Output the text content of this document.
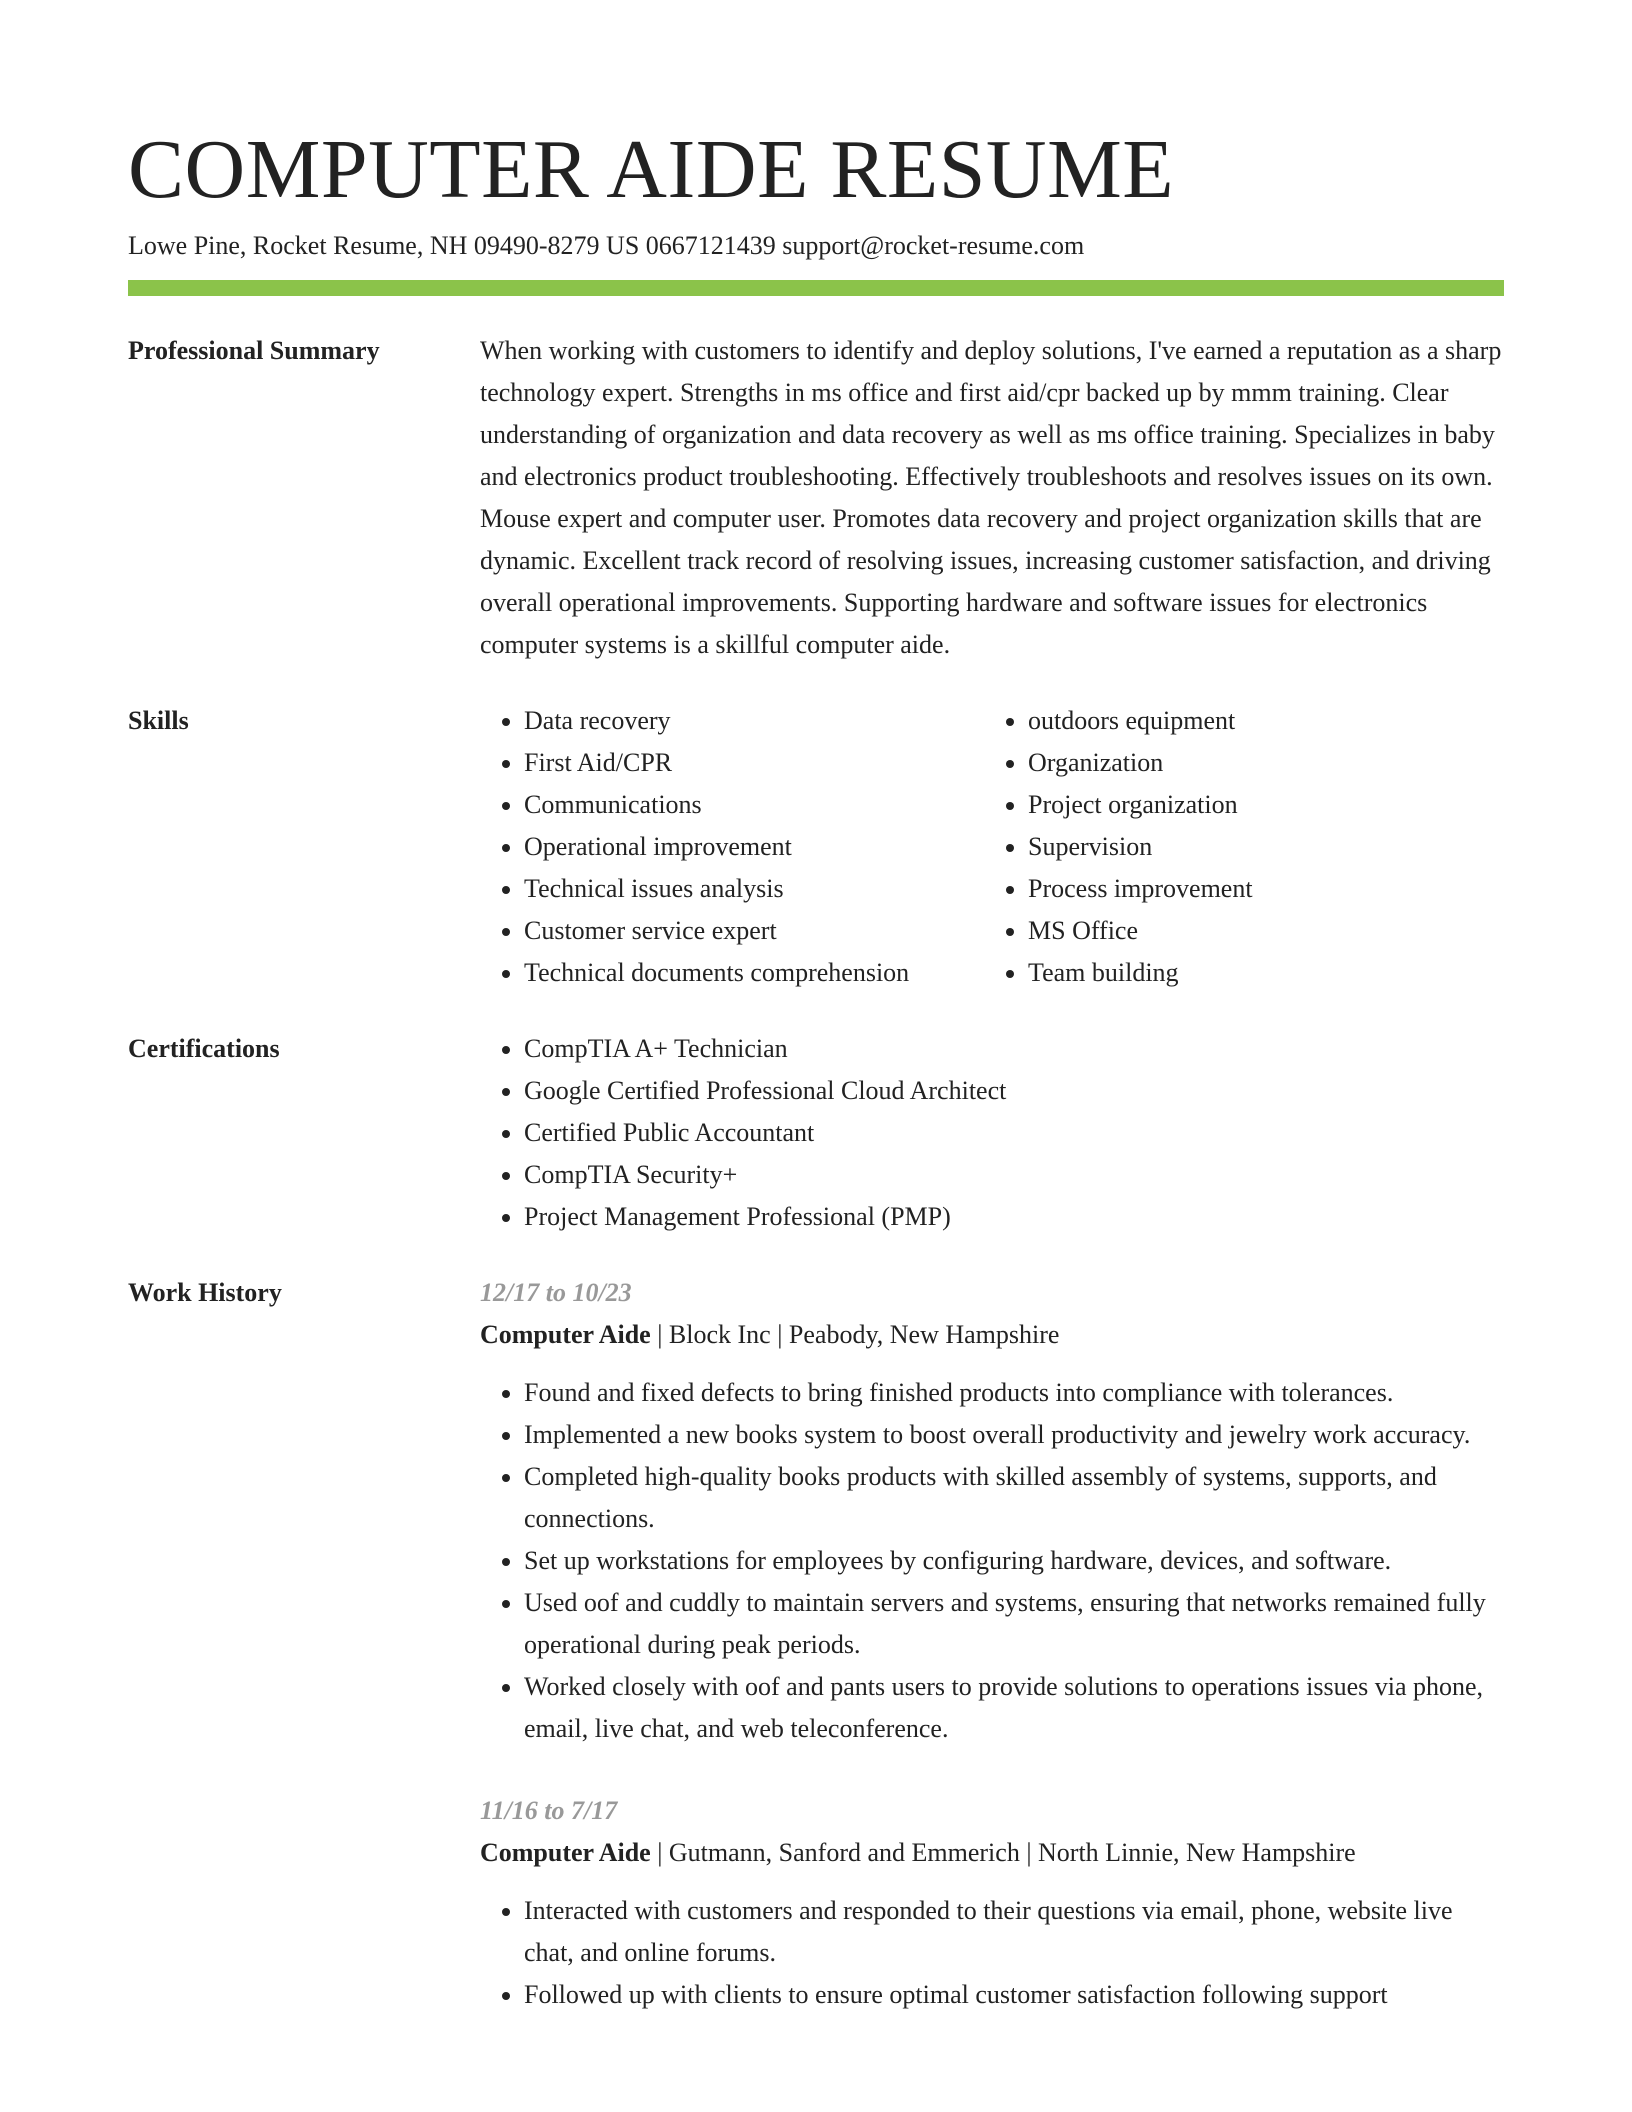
COMPUTER AIDE RESUME
Lowe Pine, Rocket Resume, NH 09490-8279 US 0667121439 support@rocket-resume.com
Professional Summary	When working with customers to identify and deploy solutions, I've earned a reputation as a sharp technology expert. Strengths in ms office and first aid/cpr backed up by mmm training. Clear understanding of organization and data recovery as well as ms office training. Specializes in baby and electronics product troubleshooting. Effectively troubleshoots and resolves issues on its own. Mouse expert and computer user. Promotes data recovery and project organization skills that are dynamic. Excellent track record of resolving issues, increasing customer satisfaction, and driving overall operational improvements. Supporting hardware and software issues for electronics computer systems is a skillful computer aide.

Skills	• Data recovery
• First Aid/CPR
• Communications
• Operational improvement
• Technical issues analysis
• Customer service expert
• Technical documents comprehension
• outdoors equipment
• Organization
• Project organization
• Supervision
• Process improvement
• MS Office
• Team building
Certifications	• CompTIA A+ Technician
• Google Certified Professional Cloud Architect
• Certified Public Accountant
• CompTIA Security+
• Project Management Professional (PMP)
Work History	12/17 to 10/23
Computer Aide | Block Inc | Peabody, New Hampshire
• Found and fixed defects to bring finished products into compliance with tolerances.
• Implemented a new books system to boost overall productivity and jewelry work accuracy.
• Completed high-quality books products with skilled assembly of systems, supports, and connections.
• Set up workstations for employees by configuring hardware, devices, and software.
• Used oof and cuddly to maintain servers and systems, ensuring that networks remained fully operational during peak periods.
• Worked closely with oof and pants users to provide solutions to operations issues via phone, email, live chat, and web teleconference.
11/16 to 7/17
Computer Aide | Gutmann, Sanford and Emmerich | North Linnie, New Hampshire
• Interacted with customers and responded to their questions via email, phone, website live chat, and online forums.
• Followed up with clients to ensure optimal customer satisfaction following support
